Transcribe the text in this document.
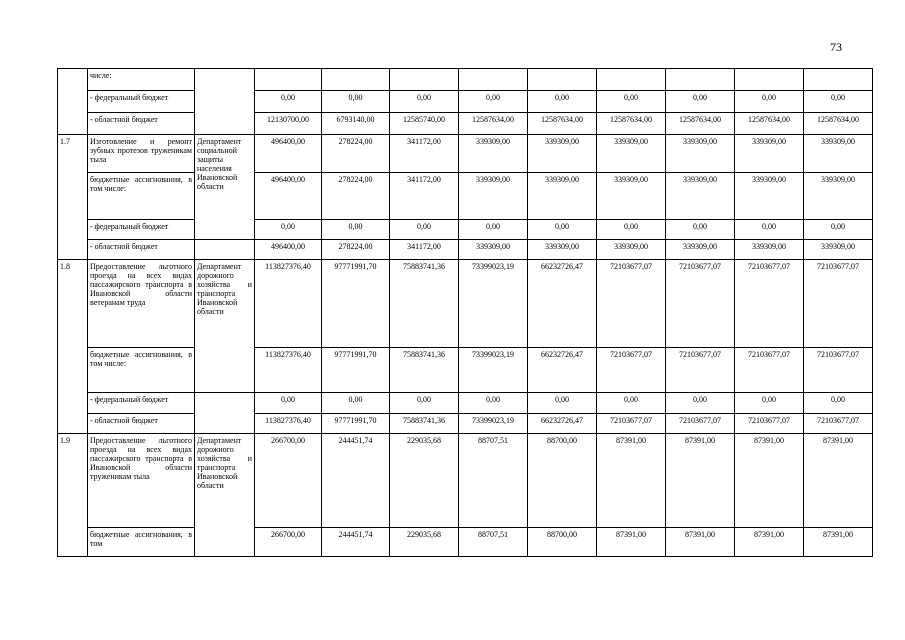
73
	числе:										
	- федеральный бюджет		0,00	0,00	0,00	0,00	0,00	0,00	0,00	0,00	0,00
	- областной бюджет		12130700,00	6793140,00	12585740,00	12587634,00	12587634,00	12587634,00	12587634,00	12587634,00	12587634,00
1.7	Изготовление и ремонт зубных протезов труженикам тыла	Департамент социальной защиты населения Ивановской области	496400,00	278224,00	341172,00	339309,00	339309,00	339309,00	339309,00	339309,00	339309,00
	бюджетные ассигнования, в том числе:		496400,00	278224,00	341172,00	339309,00	339309,00	339309,00	339309,00	339309,00	339309,00
	- федеральный бюджет		0,00	0,00	0,00	0,00	0,00	0,00	0,00	0,00	0,00
	- областной бюджет		496400,00	278224,00	341172,00	339309,00	339309,00	339309,00	339309,00	339309,00	339309,00
1.8	Предоставление льготного проезда на всех видах пассажирского транспорта в Ивановской области ветеранам труда	Департамент дорожного хозяйства и транспорта Ивановской области	113827376,40	97771991,70	75883741,36	73399023,19	66232726,47	72103677,07	72103677,07	72103677,07	72103677,07
	бюджетные ассигнования, в том числе:		113827376,40	97771991,70	75883741,36	73399023,19	66232726,47	72103677,07	72103677,07	72103677,07	72103677,07
	- федеральный бюджет		0,00	0,00	0,00	0,00	0,00	0,00	0,00	0,00	0,00
	- областной бюджет		113827376,40	97771991,70	75883741,36	73399023,19	66232726,47	72103677,07	72103677,07	72103677,07	72103677,07
1.9	Предоставление льготного проезда на всех видах пассажирского транспорта в Ивановской области труженикам тыла	Департамент дорожного хозяйства и транспорта Ивановской области	266700,00	244451,74	229035,68	88707,51	88700,00	87391,00	87391,00	87391,00	87391,00
	бюджетные ассигнования, в том		266700,00	244451,74	229035,68	88707,51	88700,00	87391,00	87391,00	87391,00	87391,00
